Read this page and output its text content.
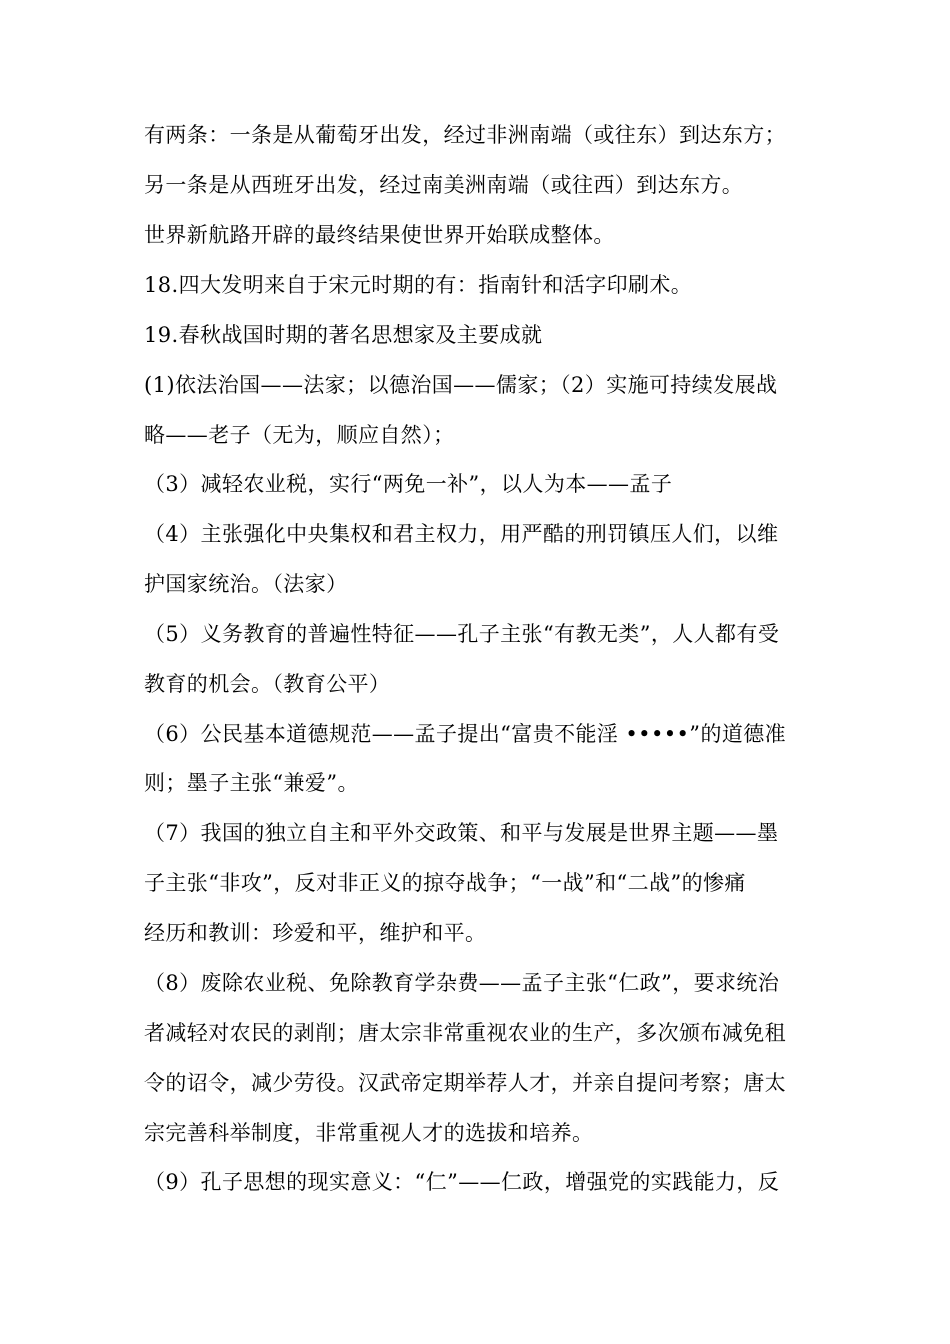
有两条：一条是从葡萄牙出发，经过非洲南端（或往东）到达东方；
另一条是从西班牙出发，经过南美洲南端（或往西）到达东方。
世界新航路开辟的最终结果使世界开始联成整体。
18.四大发明来自于宋元时期的有：指南针和活字印刷术。
19.春秋战国时期的著名思想家及主要成就
(1)依法治国——法家；以德治国——儒家；（2）实施可持续发展战
略——老子（无为，顺应自然）；
（3）减轻农业税，实行“两免一补”，以人为本——孟子
（4）主张强化中央集权和君主权力，用严酷的刑罚镇压人们，以维
护国家统治。（法家）
（5）义务教育的普遍性特征——孔子主张“有教无类”，人人都有受
教育的机会。（教育公平）
（6）公民基本道德规范——孟子提出“富贵不能淫 •••••”的道德准
则；墨子主张“兼爱”。
（7）我国的独立自主和平外交政策、和平与发展是世界主题——墨
子主张“非攻”，反对非正义的掠夺战争；“一战”和“二战”的惨痛
经历和教训：珍爱和平，维护和平。
（8）废除农业税、免除教育学杂费——孟子主张“仁政”，要求统治
者减轻对农民的剥削；唐太宗非常重视农业的生产，多次颁布减免租
令的诏令，减少劳役。汉武帝定期举荐人才，并亲自提问考察；唐太
宗完善科举制度，非常重视人才的选拔和培养。
（9）孔子思想的现实意义：“仁”——仁政，增强党的实践能力，反
